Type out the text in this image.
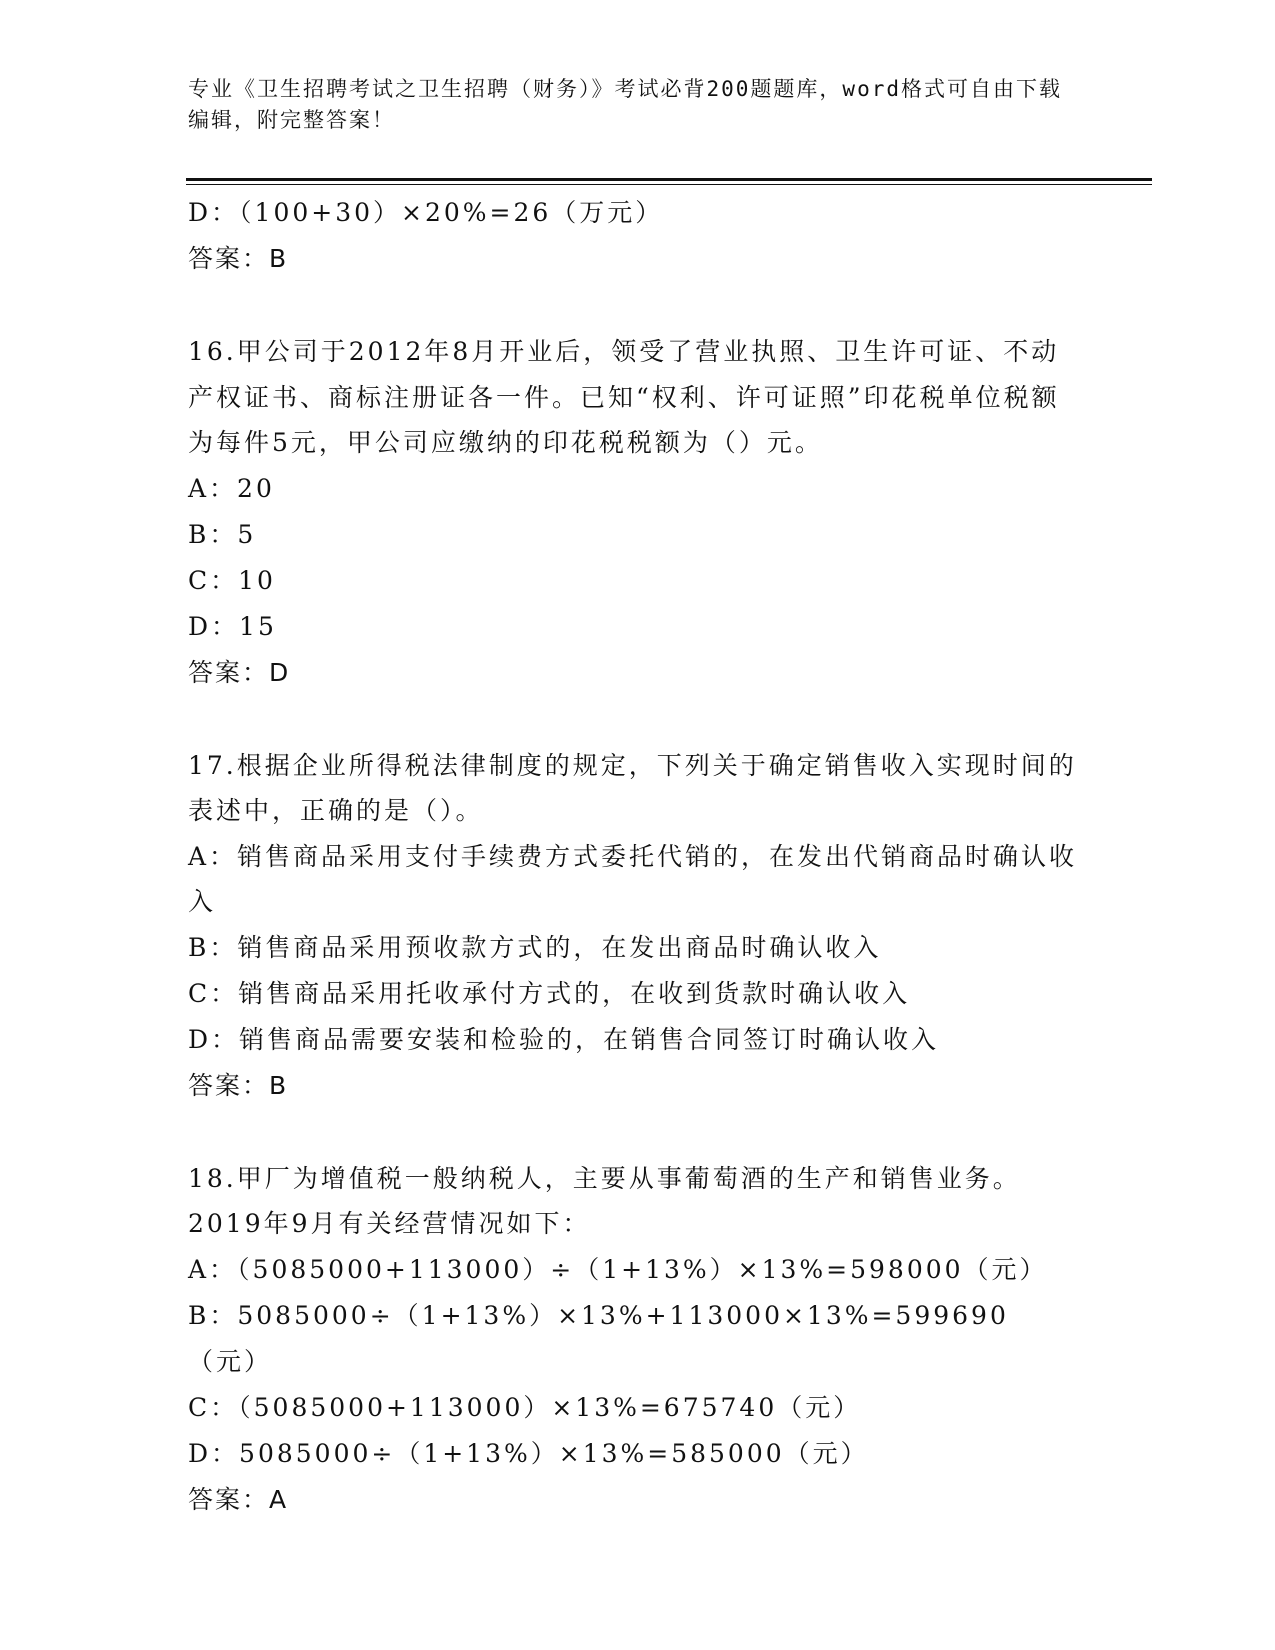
专业《卫生招聘考试之卫生招聘（财务）》考试必背200题题库，word格式可自由下载编辑，附完整答案！
D：（100+30）×20%=26（万元）
答案：B
16.甲公司于2012年8月开业后，领受了营业执照、卫生许可证、不动产权证书、商标注册证各一件。已知“权利、许可证照”印花税单位税额为每件5元，甲公司应缴纳的印花税税额为（）元。
A：20
B：5
C：10
D：15
答案：D
17.根据企业所得税法律制度的规定，下列关于确定销售收入实现时间的表述中，正确的是（）。
A：销售商品采用支付手续费方式委托代销的，在发出代销商品时确认收入
B：销售商品采用预收款方式的，在发出商品时确认收入
C：销售商品采用托收承付方式的，在收到货款时确认收入
D：销售商品需要安装和检验的，在销售合同签订时确认收入
答案：B
18.甲厂为增值税一般纳税人，主要从事葡萄酒的生产和销售业务。2019年9月有关经营情况如下：
A：（5085000+113000）÷（1+13%）×13%=598000（元）
B：5085000÷（1+13%）×13%+113000×13%=599690（元）
C：（5085000+113000）×13%=675740（元）
D：5085000÷（1+13%）×13%=585000（元）
答案：A
